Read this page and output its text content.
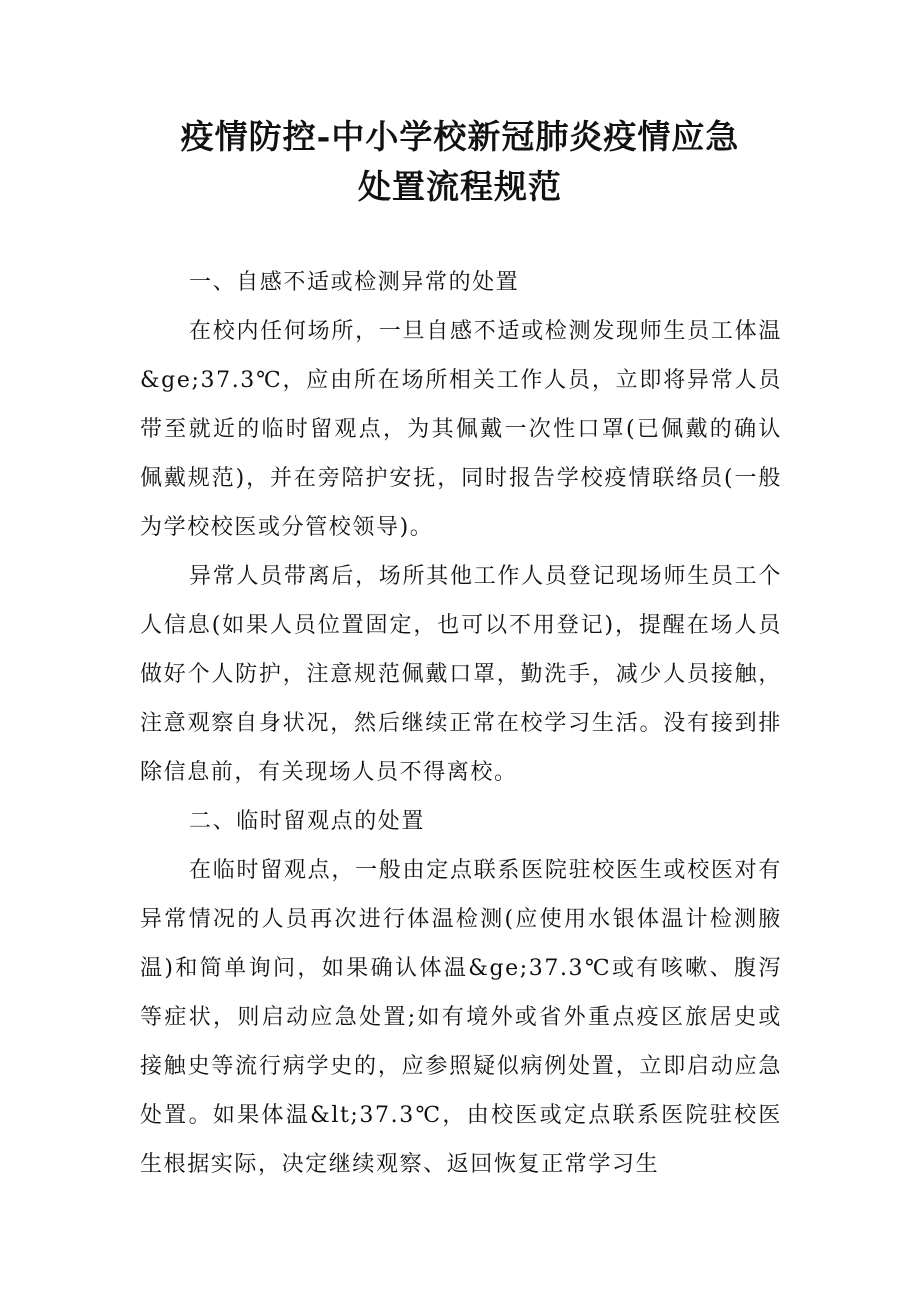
疫情防控-中小学校新冠肺炎疫情应急
处置流程规范

一、自感不适或检测异常的处置

在校内任何场所，一旦自感不适或检测发现师生员工体温&ge;37.3℃，应由所在场所相关工作人员，立即将异常人员带至就近的临时留观点，为其佩戴一次性口罩(已佩戴的确认佩戴规范)，并在旁陪护安抚，同时报告学校疫情联络员(一般为学校校医或分管校领导)。

异常人员带离后，场所其他工作人员登记现场师生员工个人信息(如果人员位置固定，也可以不用登记)，提醒在场人员做好个人防护，注意规范佩戴口罩，勤洗手，减少人员接触，注意观察自身状况，然后继续正常在校学习生活。没有接到排除信息前，有关现场人员不得离校。

二、临时留观点的处置

在临时留观点，一般由定点联系医院驻校医生或校医对有异常情况的人员再次进行体温检测(应使用水银体温计检测腋温)和简单询问，如果确认体温&ge;37.3℃或有咳嗽、腹泻等症状，则启动应急处置;如有境外或省外重点疫区旅居史或接触史等流行病学史的，应参照疑似病例处置，立即启动应急处置。如果体温&lt;37.3℃，由校医或定点联系医院驻校医生根据实际，决定继续观察、返回恢复正常学习生
